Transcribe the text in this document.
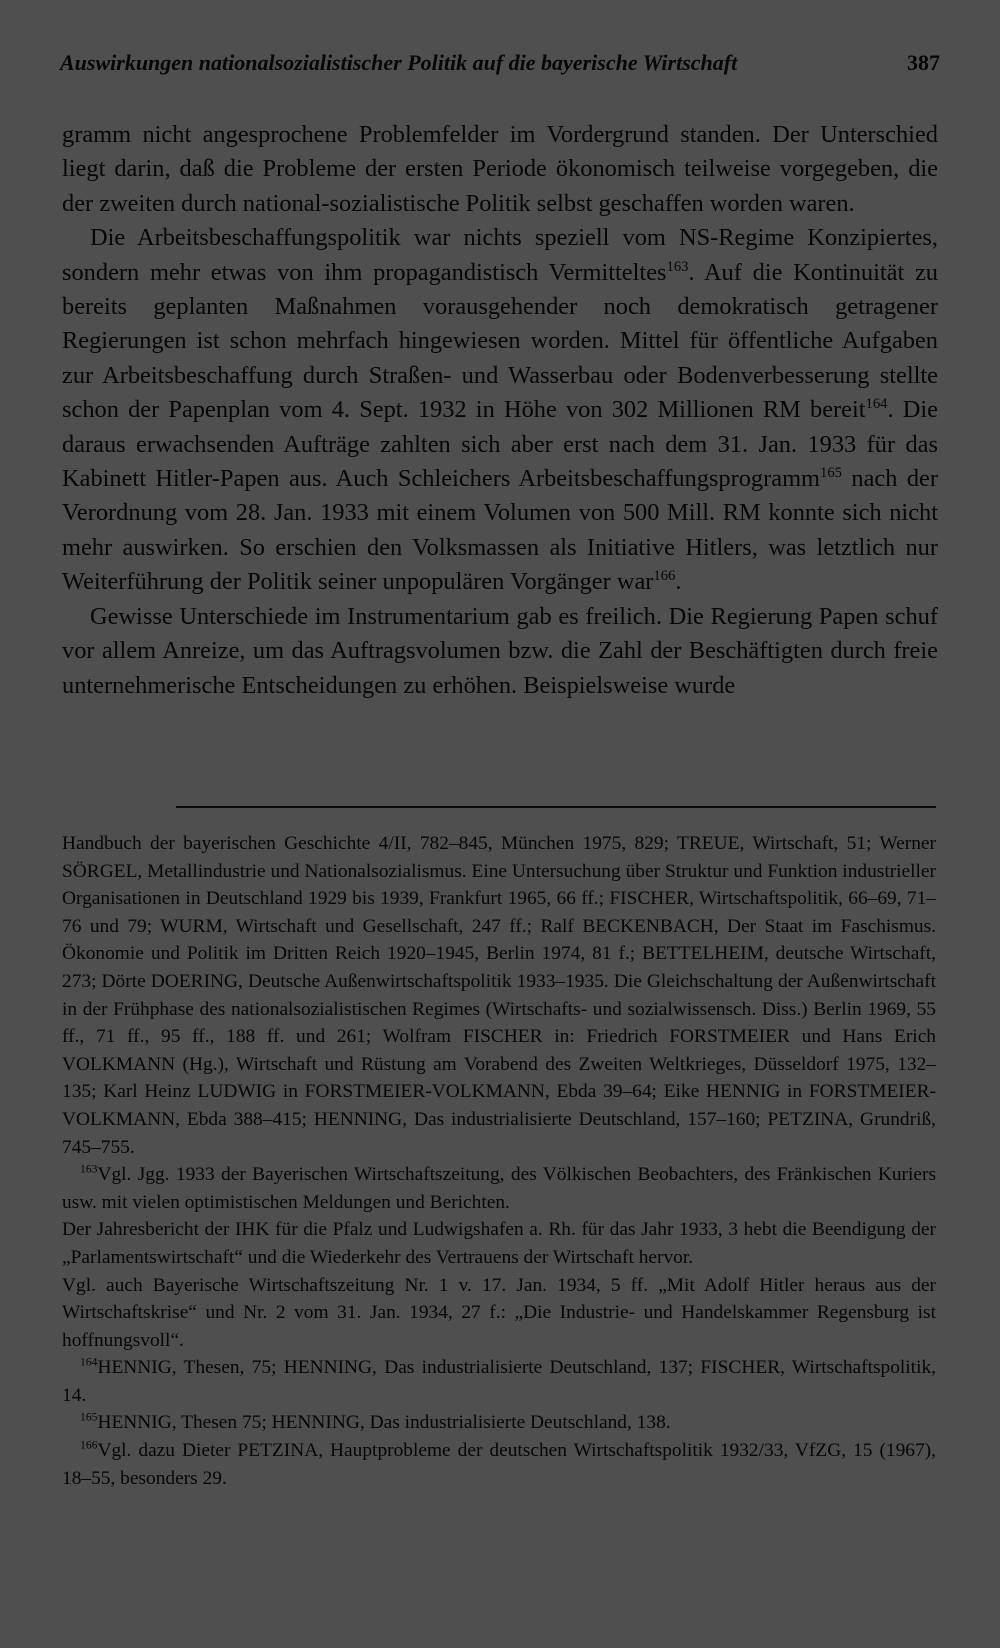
Auswirkungen nationalsozialistischer Politik auf die bayerische Wirtschaft	387

gramm nicht angesprochene Problemfelder im Vordergrund standen. Der Unterschied liegt darin, daß die Probleme der ersten Periode ökonomisch teilweise vorgegeben, die der zweiten durch national-sozialistische Politik selbst geschaffen worden waren.

Die Arbeitsbeschaffungspolitik war nichts speziell vom NS-Regime Konzipiertes, sondern mehr etwas von ihm propagandistisch Vermitteltes$^{163}$. Auf die Kontinuität zu bereits geplanten Maßnahmen vorausgehender noch demokratisch getragener Regierungen ist schon mehrfach hingewiesen worden. Mittel für öffentliche Aufgaben zur Arbeitsbeschaffung durch Straßen- und Wasserbau oder Bodenverbesserung stellte schon der Papenplan vom 4. Sept. 1932 in Höhe von 302 Millionen RM bereit$^{164}$. Die daraus erwachsenden Aufträge zahlten sich aber erst nach dem 31. Jan. 1933 für das Kabinett Hitler-Papen aus. Auch Schleichers Arbeitsbeschaffungsprogramm$^{165}$ nach der Verordnung vom 28. Jan. 1933 mit einem Volumen von 500 Mill. RM konnte sich nicht mehr auswirken. So erschien den Volksmassen als Initiative Hitlers, was letztlich nur Weiterführung der Politik seiner unpopulären Vorgänger war$^{166}$.

Gewisse Unterschiede im Instrumentarium gab es freilich. Die Regierung Papen schuf vor allem Anreize, um das Auftragsvolumen bzw. die Zahl der Beschäftigten durch freie unternehmerische Entscheidungen zu erhöhen. Beispielsweise wurde

Handbuch der bayerischen Geschichte 4/II, 782–845, München 1975, 829; TREUE, Wirtschaft, 51; Werner SÖRGEL, Metallindustrie und Nationalsozialismus. Eine Untersuchung über Struktur und Funktion industrieller Organisationen in Deutschland 1929 bis 1939, Frankfurt 1965, 66 ff.; FISCHER, Wirtschaftspolitik, 66–69, 71–76 und 79; WURM, Wirtschaft und Gesellschaft, 247 ff.; Ralf BECKENBACH, Der Staat im Faschismus. Ökonomie und Politik im Dritten Reich 1920–1945, Berlin 1974, 81 f.; BETTELHEIM, deutsche Wirtschaft, 273; Dörte DOERING, Deutsche Außenwirtschaftspolitik 1933–1935. Die Gleichschaltung der Außenwirtschaft in der Frühphase des nationalsozialistischen Regimes (Wirtschafts- und sozialwissensch. Diss.) Berlin 1969, 55 ff., 71 ff., 95 ff., 188 ff. und 261; Wolfram FISCHER in: Friedrich FORSTMEIER und Hans Erich VOLKMANN (Hg.), Wirtschaft und Rüstung am Vorabend des Zweiten Weltkrieges, Düsseldorf 1975, 132–135; Karl Heinz LUDWIG in FORSTMEIER-VOLKMANN, Ebda 39–64; Eike HENNIG in FORSTMEIER-VOLKMANN, Ebda 388–415; HENNING, Das industrialisierte Deutschland, 157–160; PETZINA, Grundriß, 745–755.

$^{163}$Vgl. Jgg. 1933 der Bayerischen Wirtschaftszeitung, des Völkischen Beobachters, des Fränkischen Kuriers usw. mit vielen optimistischen Meldungen und Berichten.

Der Jahresbericht der IHK für die Pfalz und Ludwigshafen a. Rh. für das Jahr 1933, 3 hebt die Beendigung der „Parlamentswirtschaft“ und die Wiederkehr des Vertrauens der Wirtschaft hervor.

Vgl. auch Bayerische Wirtschaftszeitung Nr. 1 v. 17. Jan. 1934, 5 ff. „Mit Adolf Hitler heraus aus der Wirtschaftskrise“ und Nr. 2 vom 31. Jan. 1934, 27 f.: „Die Industrie- und Handelskammer Regensburg ist hoffnungsvoll“.

$^{164}$HENNIG, Thesen, 75; HENNING, Das industrialisierte Deutschland, 137; FISCHER, Wirtschaftspolitik, 14.

$^{165}$HENNIG, Thesen 75; HENNING, Das industrialisierte Deutschland, 138.

$^{166}$Vgl. dazu Dieter PETZINA, Hauptprobleme der deutschen Wirtschaftspolitik 1932/33, VfZG, 15 (1967), 18–55, besonders 29.
